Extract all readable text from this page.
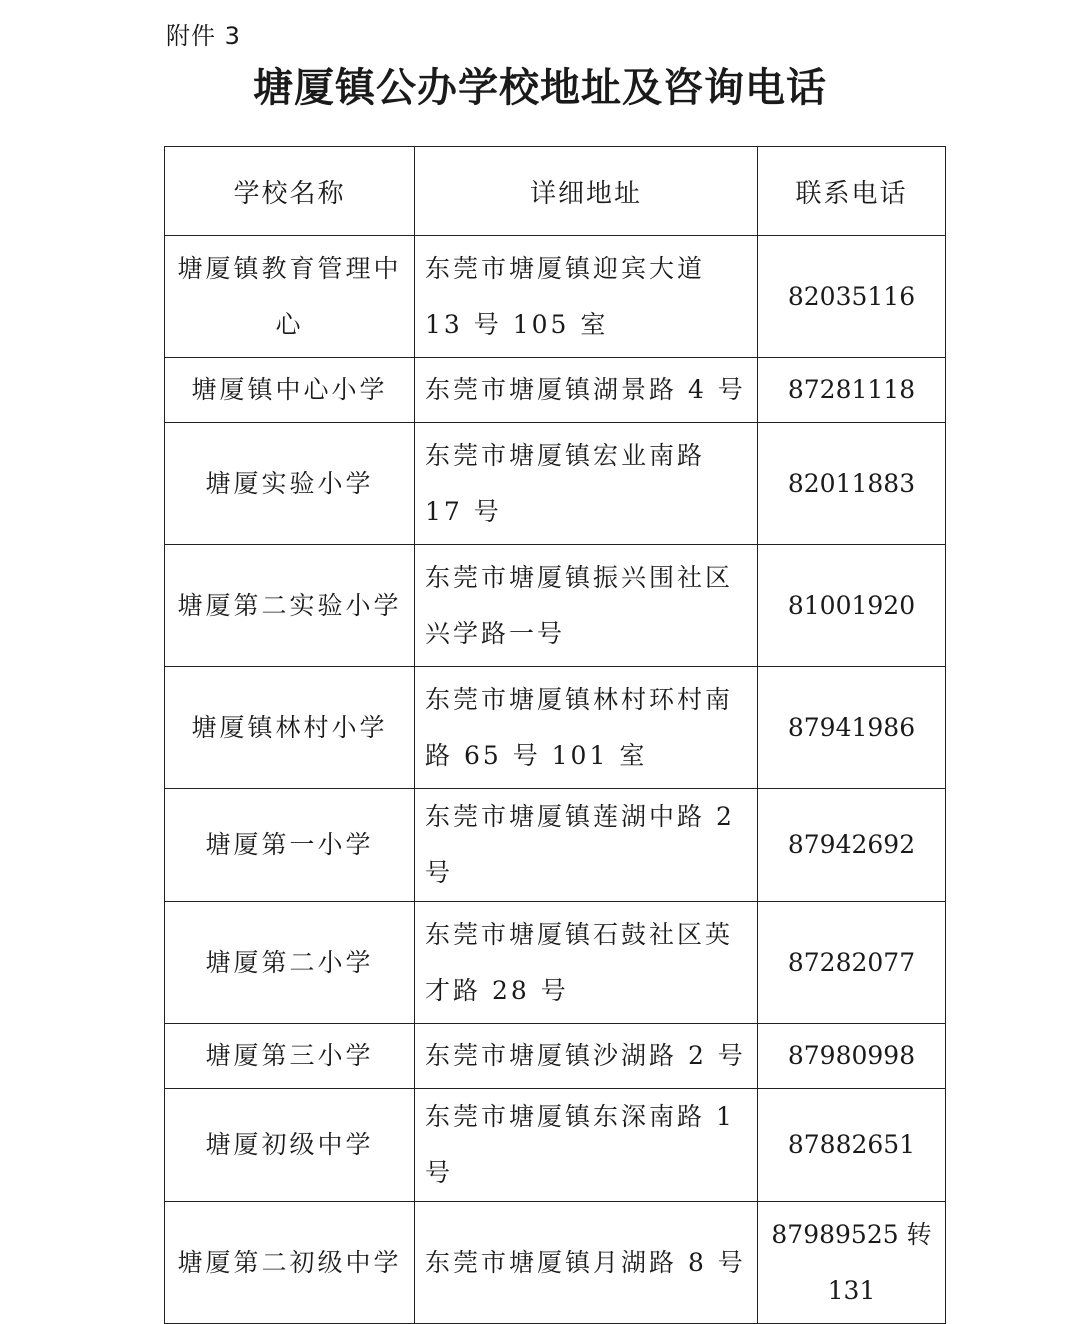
附件 3
塘厦镇公办学校地址及咨询电话
学校名称	详细地址	联系电话
塘厦镇教育管理中心	东莞市塘厦镇迎宾大道 13 号 105 室	82035116
塘厦镇中心小学	东莞市塘厦镇湖景路 4 号	87281118
塘厦实验小学	东莞市塘厦镇宏业南路 17 号	82011883
塘厦第二实验小学	东莞市塘厦镇振兴围社区兴学路一号	81001920
塘厦镇林村小学	东莞市塘厦镇林村环村南路 65 号 101 室	87941986
塘厦第一小学	东莞市塘厦镇莲湖中路 2 号	87942692
塘厦第二小学	东莞市塘厦镇石鼓社区英才路 28 号	87282077
塘厦第三小学	东莞市塘厦镇沙湖路 2 号	87980998
塘厦初级中学	东莞市塘厦镇东深南路 1 号	87882651
塘厦第二初级中学	东莞市塘厦镇月湖路 8 号	87989525 转 131
